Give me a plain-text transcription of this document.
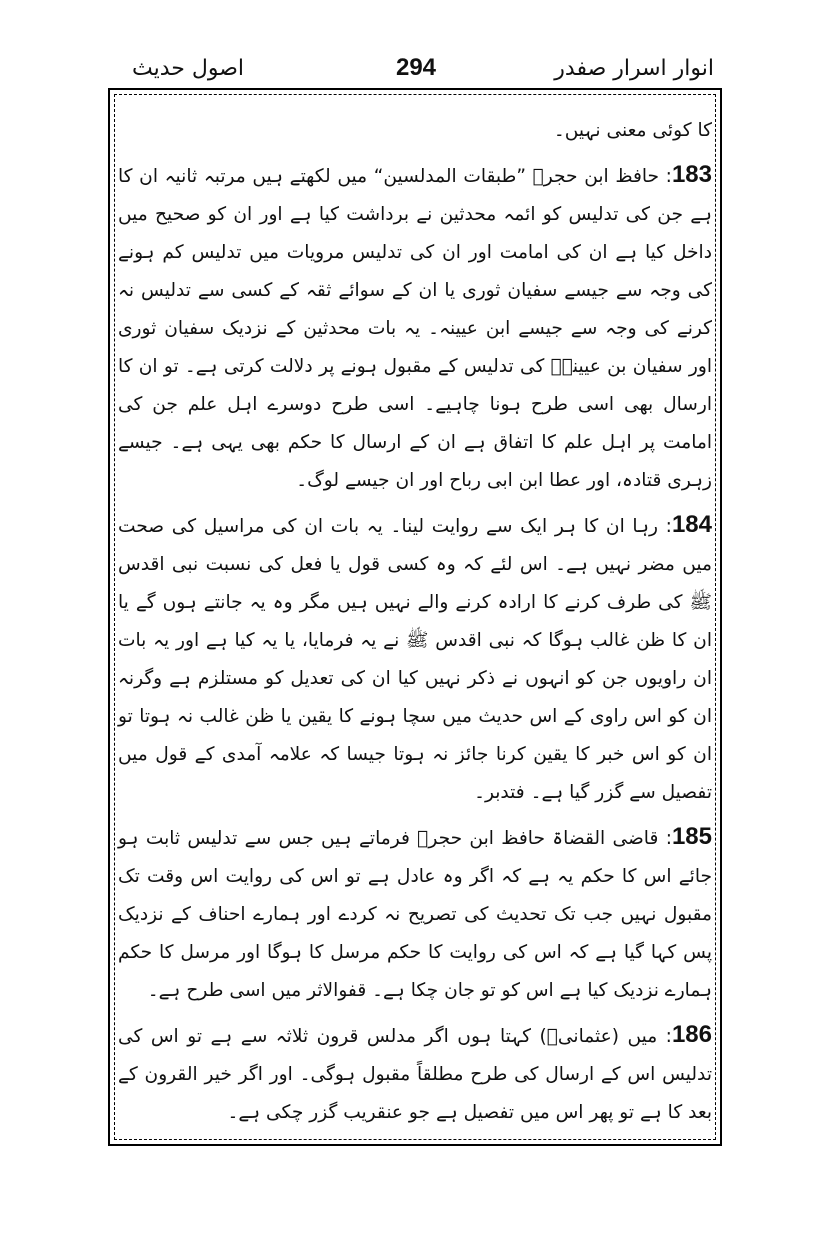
اصول حدیث	294	انوار اسرار صفدر

کا کوئی معنی نہیں۔

183: حافظ ابن حجرؒ ”طبقات المدلسین“ میں لکھتے ہیں مرتبہ ثانیہ ان کا ہے جن کی تدلیس کو ائمہ محدثین نے برداشت کیا ہے اور ان کو صحیح میں داخل کیا ہے ان کی امامت اور ان کی تدلیس مرویات میں تدلیس کم ہونے کی وجہ سے جیسے سفیان ثوری یا ان کے سوائے ثقہ کے کسی سے تدلیس نہ کرنے کی وجہ سے جیسے ابن عیینہ۔ یہ بات محدثین کے نزدیک سفیان ثوری اور سفیان بن عیینہؒ کی تدلیس کے مقبول ہونے پر دلالت کرتی ہے۔ تو ان کا ارسال بھی اسی طرح ہونا چاہیے۔ اسی طرح دوسرے اہل علم جن کی امامت پر اہل علم کا اتفاق ہے ان کے ارسال کا حکم بھی یہی ہے۔ جیسے زہری قتادہ، اور عطا ابن ابی رباح اور ان جیسے لوگ۔

184: رہا ان کا ہر ایک سے روایت لینا۔ یہ بات ان کی مراسیل کی صحت میں مضر نہیں ہے۔ اس لئے کہ وہ کسی قول یا فعل کی نسبت نبی اقدس ﷺ کی طرف کرنے کا ارادہ کرنے والے نہیں ہیں مگر وہ یہ جانتے ہوں گے یا ان کا ظن غالب ہوگا کہ نبی اقدس ﷺ نے یہ فرمایا، یا یہ کیا ہے اور یہ بات ان راویوں جن کو انہوں نے ذکر نہیں کیا ان کی تعدیل کو مستلزم ہے وگرنہ ان کو اس راوی کے اس حدیث میں سچا ہونے کا یقین یا ظن غالب نہ ہوتا تو ان کو اس خبر کا یقین کرنا جائز نہ ہوتا جیسا کہ علامہ آمدی کے قول میں تفصیل سے گزر گیا ہے۔ فتدبر۔

185: قاضی القضاۃ حافظ ابن حجرؒ فرماتے ہیں جس سے تدلیس ثابت ہو جائے اس کا حکم یہ ہے کہ اگر وہ عادل ہے تو اس کی روایت اس وقت تک مقبول نہیں جب تک تحدیث کی تصریح نہ کردے اور ہمارے احناف کے نزدیک پس کہا گیا ہے کہ اس کی روایت کا حکم مرسل کا ہوگا اور مرسل کا حکم ہمارے نزدیک کیا ہے اس کو تو جان چکا ہے۔ قفوالاثر میں اسی طرح ہے۔

186: میں (عثمانیؒ) کہتا ہوں اگر مدلس قرون ثلاثہ سے ہے تو اس کی تدلیس اس کے ارسال کی طرح مطلقاً مقبول ہوگی۔ اور اگر خیر القرون کے بعد کا ہے تو پھر اس میں تفصیل ہے جو عنقریب گزر چکی ہے۔
